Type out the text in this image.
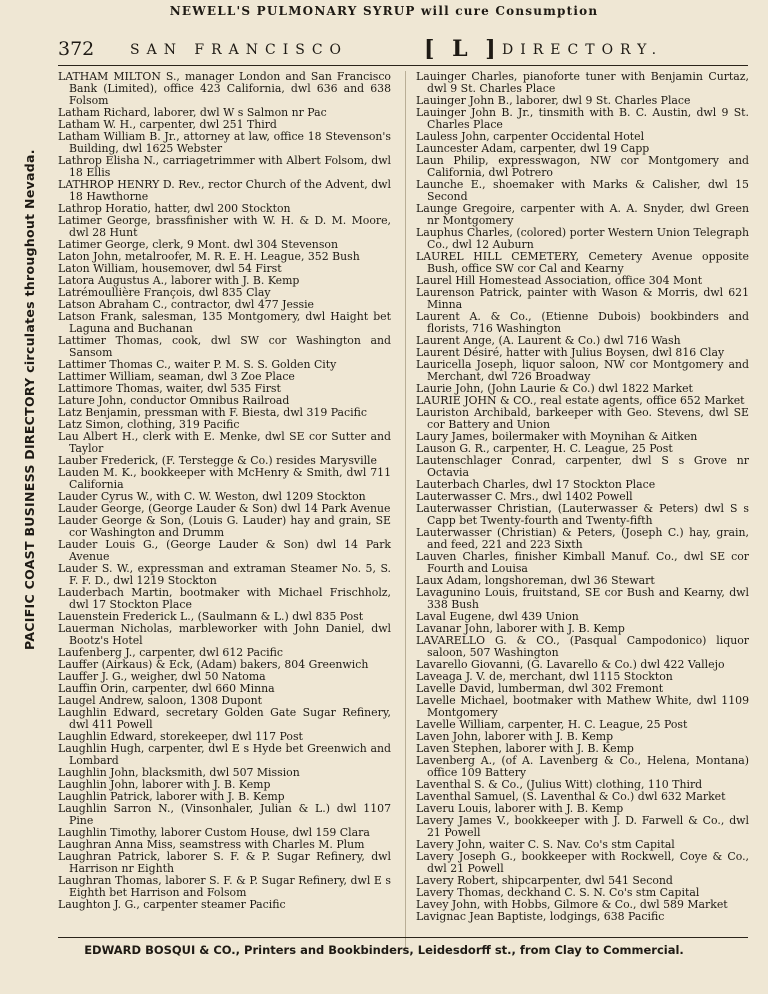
NEWELL'S PULMONARY SYRUP will cure Consumption
372	SAN FRANCISCO	[ L ] DIRECTORY.
PACIFIC COAST BUSINESS DIRECTORY circulates throughout Nevada.
LATHAM MILTON S., manager London and San Francisco Bank (Limited), office 423 California, dwl 636 and 638 Folsom
Latham Richard, laborer, dwl W s Salmon nr Pac
Latham W. H., carpenter, dwl 251 Third
Latham William B. Jr., attorney at law, office 18 Stevenson's Building, dwl 1625 Webster
Lathrop Elisha N., carriagetrimmer with Albert Folsom, dwl 18 Ellis
LATHROP HENRY D. Rev., rector Church of the Advent, dwl 18 Hawthorne
Lathrop Horatio, hatter, dwl 200 Stockton
Latimer George, brassfinisher with W. H. & D. M. Moore, dwl 28 Hunt
Latimer George, clerk, 9 Mont. dwl 304 Stevenson
Laton John, metalroofer, M. R. E. H. League, 352 Bush
Laton William, housemover, dwl 54 First
Latora Augustus A., laborer with J. B. Kemp
Latrémoullière François, dwl 835 Clay
Latson Abraham C., contractor, dwl 477 Jessie
Latson Frank, salesman, 135 Montgomery, dwl Haight bet Laguna and Buchanan
Lattimer Thomas, cook, dwl SW cor Washington and Sansom
Lattimer Thomas C., waiter P. M. S. S. Golden City
Lattimer William, seaman, dwl 3 Zoe Place
Lattimore Thomas, waiter, dwl 535 First
Lature John, conductor Omnibus Railroad
Latz Benjamin, pressman with F. Biesta, dwl 319 Pacific
Latz Simon, clothing, 319 Pacific
Lau Albert H., clerk with E. Menke, dwl SE cor Sutter and Taylor
Lauber Frederick, (F. Terstegge & Co.) resides Marysville
Lauden M. K., bookkeeper with McHenry & Smith, dwl 711 California
Lauder Cyrus W., with C. W. Weston, dwl 1209 Stockton
Lauder George, (George Lauder & Son) dwl 14 Park Avenue
Lauder George & Son, (Louis G. Lauder) hay and grain, SE cor Washington and Drumm
Lauder Louis G., (George Lauder & Son) dwl 14 Park Avenue
Lauder S. W., expressman and extraman Steamer No. 5, S. F. F. D., dwl 1219 Stockton
Lauderbach Martin, bootmaker with Michael Frischholz, dwl 17 Stockton Place
Lauenstein Frederick L., (Saulmann & L.) dwl 835 Post
Lauerman Nicholas, marbleworker with John Daniel, dwl Bootz's Hotel
Laufenberg J., carpenter, dwl 612 Pacific
Lauffer (Airkaus) & Eck, (Adam) bakers, 804 Greenwich
Lauffer J. G., weigher, dwl 50 Natoma
Lauffin Orin, carpenter, dwl 660 Minna
Laugel Andrew, saloon, 1308 Dupont
Laughlin Edward, secretary Golden Gate Sugar Refinery, dwl 411 Powell
Laughlin Edward, storekeeper, dwl 117 Post
Laughlin Hugh, carpenter, dwl E s Hyde bet Greenwich and Lombard
Laughlin John, blacksmith, dwl 507 Mission
Laughlin John, laborer with J. B. Kemp
Laughlin Patrick, laborer with J. B. Kemp
Laughlin Sarron N., (Vinsonhaler, Julian & L.) dwl 1107 Pine
Laughlin Timothy, laborer Custom House, dwl 159 Clara
Laughran Anna Miss, seamstress with Charles M. Plum
Laughran Patrick, laborer S. F. & P. Sugar Refinery, dwl Harrison nr Eighth
Laughran Thomas, laborer S. F. & P. Sugar Refinery, dwl E s Eighth bet Harrison and Folsom
Laughton J. G., carpenter steamer Pacific
Lauinger Charles, pianoforte tuner with Benjamin Curtaz, dwl 9 St. Charles Place
Lauinger John B., laborer, dwl 9 St. Charles Place
Lauinger John B. Jr., tinsmith with B. C. Austin, dwl 9 St. Charles Place
Lauless John, carpenter Occidental Hotel
Launcester Adam, carpenter, dwl 19 Capp
Laun Philip, expresswagon, NW cor Montgomery and California, dwl Potrero
Launche E., shoemaker with Marks & Calisher, dwl 15 Second
Launge Gregoire, carpenter with A. A. Snyder, dwl Green nr Montgomery
Lauphus Charles, (colored) porter Western Union Telegraph Co., dwl 12 Auburn
LAUREL HILL CEMETERY, Cemetery Avenue opposite Bush, office SW cor Cal and Kearny
Laurel Hill Homestead Association, office 304 Mont
Laurenson Patrick, painter with Wason & Morris, dwl 621 Minna
Laurent A. & Co., (Etienne Dubois) bookbinders and florists, 716 Washington
Laurent Ange, (A. Laurent & Co.) dwl 716 Wash
Laurent Désiré, hatter with Julius Boysen, dwl 816 Clay
Lauricella Joseph, liquor saloon, NW cor Montgomery and Merchant, dwl 726 Broadway
Laurie John, (John Laurie & Co.) dwl 1822 Market
LAURIE JOHN & CO., real estate agents, office 652 Market
Lauriston Archibald, barkeeper with Geo. Stevens, dwl SE cor Battery and Union
Laury James, boilermaker with Moynihan & Aitken
Lauson G. R., carpenter, H. C. League, 25 Post
Lautenschlager Conrad, carpenter, dwl S s Grove nr Octavia
Lauterbach Charles, dwl 17 Stockton Place
Lauterwasser C. Mrs., dwl 1402 Powell
Lauterwasser Christian, (Lauterwasser & Peters) dwl S s Capp bet Twenty-fourth and Twenty-fifth
Lauterwasser (Christian) & Peters, (Joseph C.) hay, grain, and feed, 221 and 223 Sixth
Lauven Charles, finisher Kimball Manuf. Co., dwl SE cor Fourth and Louisa
Laux Adam, longshoreman, dwl 36 Stewart
Lavagunino Louis, fruitstand, SE cor Bush and Kearny, dwl 338 Bush
Laval Eugene, dwl 439 Union
Lavanar John, laborer with J. B. Kemp
LAVARELLO G. & CO., (Pasqual Campodonico) liquor saloon, 507 Washington
Lavarello Giovanni, (G. Lavarello & Co.) dwl 422 Vallejo
Laveaga J. V. de, merchant, dwl 1115 Stockton
Lavelle David, lumberman, dwl 302 Fremont
Lavelle Michael, bootmaker with Mathew White, dwl 1109 Montgomery
Lavelle William, carpenter, H. C. League, 25 Post
Laven John, laborer with J. B. Kemp
Laven Stephen, laborer with J. B. Kemp
Lavenberg A., (of A. Lavenberg & Co., Helena, Montana) office 109 Battery
Laventhal S. & Co., (Julius Witt) clothing, 110 Third
Laventhal Samuel, (S. Laventhal & Co.) dwl 632 Market
Laveru Louis, laborer with J. B. Kemp
Lavery James V., bookkeeper with J. D. Farwell & Co., dwl 21 Powell
Lavery John, waiter C. S. Nav. Co's stm Capital
Lavery Joseph G., bookkeeper with Rockwell, Coye & Co., dwl 21 Powell
Lavery Robert, shipcarpenter, dwl 541 Second
Lavery Thomas, deckhand C. S. N. Co's stm Capital
Lavey John, with Hobbs, Gilmore & Co., dwl 589 Market
Lavignac Jean Baptiste, lodgings, 638 Pacific
EDWARD BOSQUI & CO., Printers and Bookbinders, Leidesdorff st., from Clay to Commercial.
